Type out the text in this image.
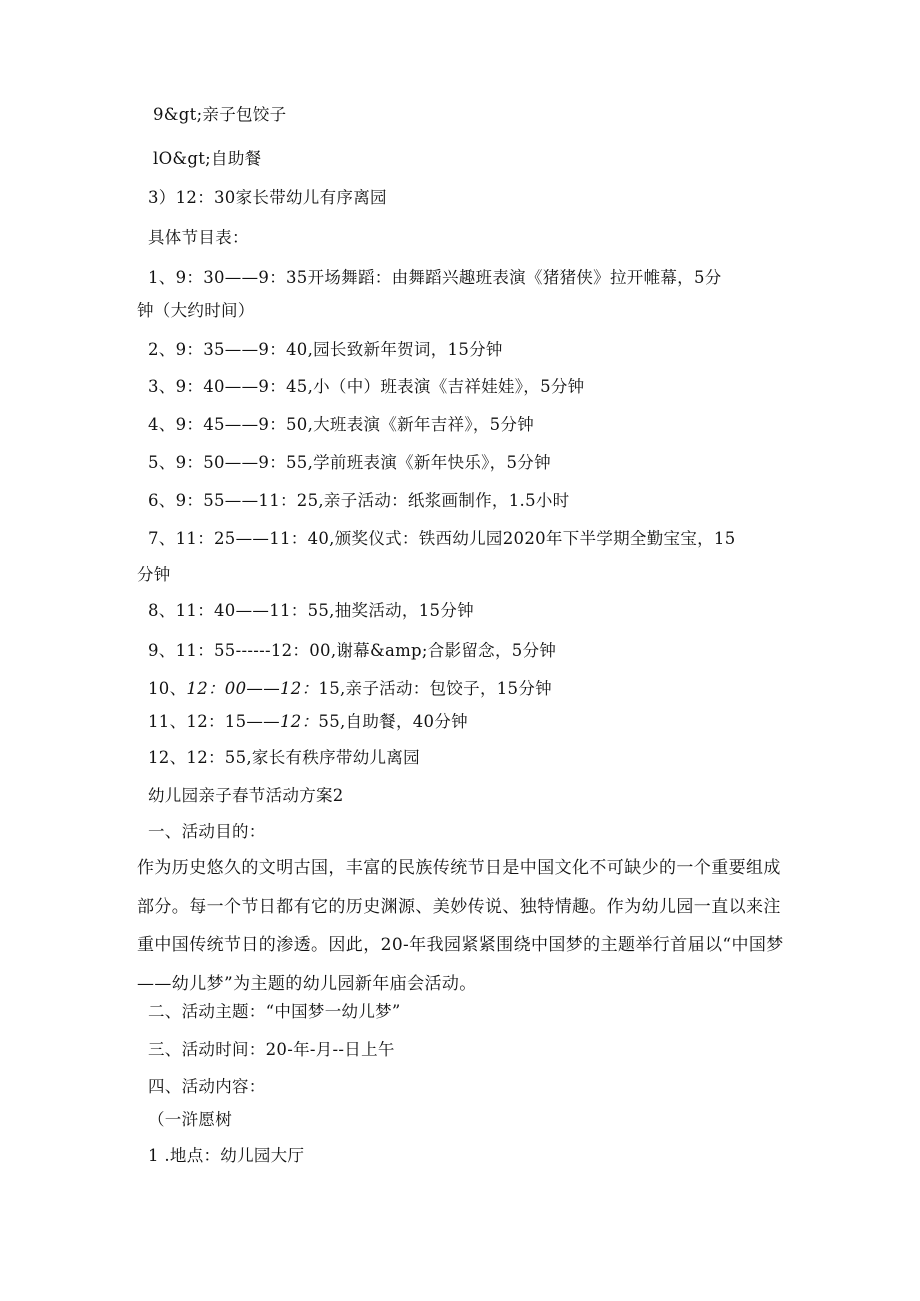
9&gt;亲子包饺子
lO&gt;自助餐
3）12：30家长带幼儿有序离园
具体节目表：
1、9：30——9：35开场舞蹈：由舞蹈兴趣班表演《猪猪侠》拉开帷幕，5分
钟（大约时间）
2、9：35——9：40,园长致新年贺词，15分钟
3、9：40——9：45,小（中）班表演《吉祥娃娃》，5分钟
4、9：45——9：50,大班表演《新年吉祥》，5分钟
5、9：50——9：55,学前班表演《新年快乐》，5分钟
6、9：55——11：25,亲子活动：纸浆画制作，1.5小时
7、11：25——11：40,颁奖仪式：铁西幼儿园2020年下半学期全勤宝宝，15
分钟
8、11：40——11：55,抽奖活动，15分钟
9、11：55------12：00,谢幕&amp;合影留念，5分钟
10、12：00——12：15,亲子活动：包饺子，15分钟
11、12：15——12：55,自助餐，40分钟
12、12：55,家长有秩序带幼儿离园
幼儿园亲子春节活动方案2
一、活动目的：
作为历史悠久的文明古国，丰富的民族传统节日是中国文化不可缺少的一个重要组成部分。每一个节日都有它的历史渊源、美妙传说、独特情趣。作为幼儿园一直以来注重中国传统节日的渗透。因此，20-年我园紧紧围绕中国梦的主题举行首届以“中国梦——幼儿梦”为主题的幼儿园新年庙会活动。
二、活动主题：“中国梦一幼儿梦”
三、活动时间：20-年-月--日上午
四、活动内容：
（一浒愿树
1 .地点：幼儿园大厅
